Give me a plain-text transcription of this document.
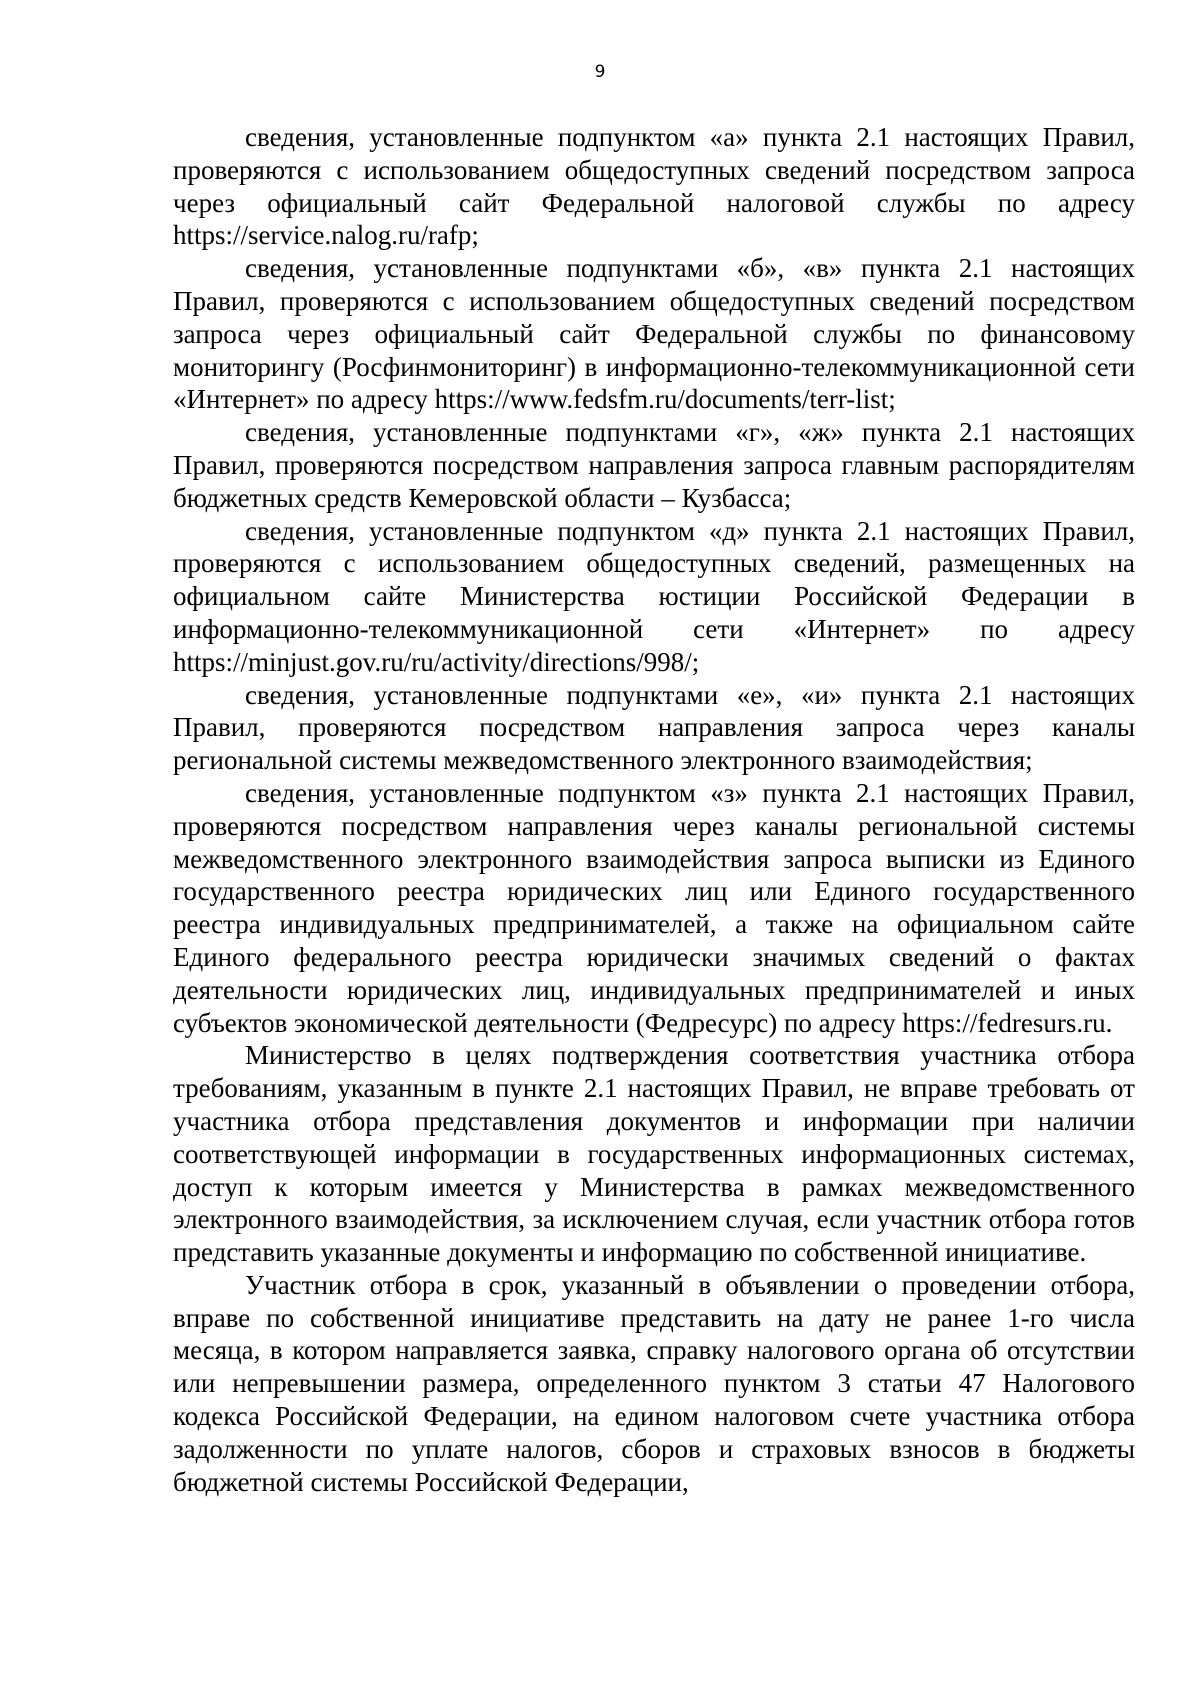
9

сведения, установленные подпунктом «а» пункта 2.1 настоящих Правил, проверяются с использованием общедоступных сведений посредством запроса через официальный сайт Федеральной налоговой службы по адресу https://service.nalog.ru/rafp;

сведения, установленные подпунктами «б», «в» пункта 2.1 настоящих Правил, проверяются с использованием общедоступных сведений посредством запроса через официальный сайт Федеральной службы по финансовому мониторингу (Росфинмониторинг) в информационно-телекоммуникационной сети «Интернет» по адресу https://www.fedsfm.ru/documents/terr-list;

сведения, установленные подпунктами «г», «ж» пункта 2.1 настоящих Правил, проверяются посредством направления запроса главным распорядителям бюджетных средств Кемеровской области – Кузбасса;

сведения, установленные подпунктом «д» пункта 2.1 настоящих Правил, проверяются с использованием общедоступных сведений, размещенных на официальном сайте Министерства юстиции Российской Федерации в информационно-телекоммуникационной сети «Интернет» по адресу https://minjust.gov.ru/ru/activity/directions/998/;

сведения, установленные подпунктами «е», «и» пункта 2.1 настоящих Правил, проверяются посредством направления запроса через каналы региональной системы межведомственного электронного взаимодействия;

сведения, установленные подпунктом «з» пункта 2.1 настоящих Правил, проверяются посредством направления через каналы региональной системы межведомственного электронного взаимодействия запроса выписки из Единого государственного реестра юридических лиц или Единого государственного реестра индивидуальных предпринимателей, а также на официальном сайте Единого федерального реестра юридически значимых сведений о фактах деятельности юридических лиц, индивидуальных предпринимателей и иных субъектов экономической деятельности (Федресурс) по адресу https://fedresurs.ru.

Министерство в целях подтверждения соответствия участника отбора требованиям, указанным в пункте 2.1 настоящих Правил, не вправе требовать от участника отбора представления документов и информации при наличии соответствующей информации в государственных информационных системах, доступ к которым имеется у Министерства в рамках межведомственного электронного взаимодействия, за исключением случая, если участник отбора готов представить указанные документы и информацию по собственной инициативе.

Участник отбора в срок, указанный в объявлении о проведении отбора, вправе по собственной инициативе представить на дату не ранее 1-го числа месяца, в котором направляется заявка, справку налогового органа об отсутствии или непревышении размера, определенного пунктом 3 статьи 47 Налогового кодекса Российской Федерации, на едином налоговом счете участника отбора задолженности по уплате налогов, сборов и страховых взносов в бюджеты бюджетной системы Российской Федерации,
